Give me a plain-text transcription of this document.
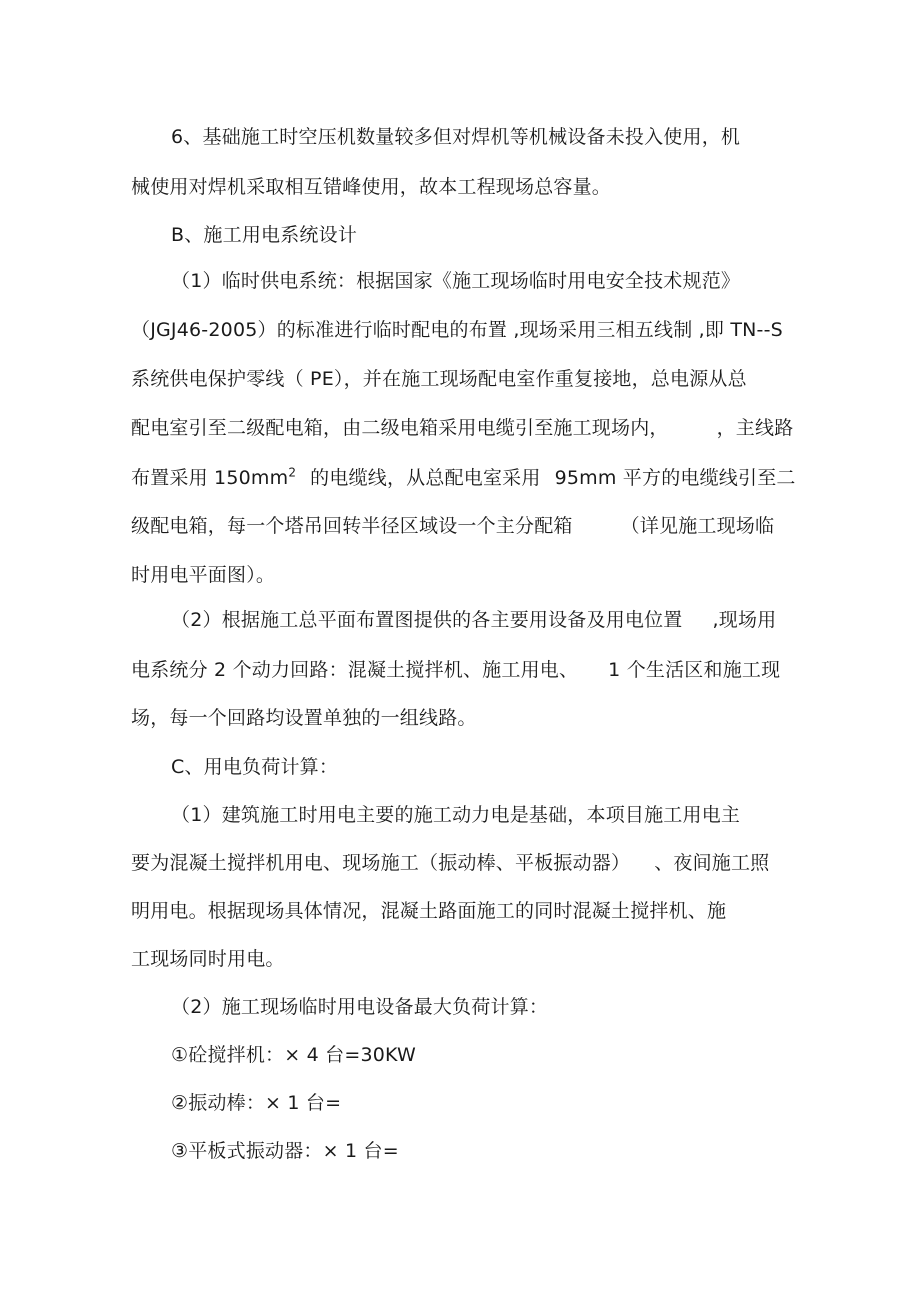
6、基础施工时空压机数量较多但对焊机等机械设备未投入使用，机
械使用对焊机采取相互错峰使用，故本工程现场总容量。
B、施工用电系统设计
（1）临时供电系统：根据国家《施工现场临时用电安全技术规范》
（JGJ46-2005）的标准进行临时配电的布置 ,现场采用三相五线制 ,即 TN--S
系统供电保护零线（ PE），并在施工现场配电室作重复接地，总电源从总
配电室引至二级配电箱，由二级电箱采用电缆引至施工现场内，	，主线路
布置采用 $150mm^2$ 的电缆线，从总配电室采用 95mm 平方的电缆线引至二
级配电箱，每一个塔吊回转半径区域设一个主分配箱	（详见施工现场临
时用电平面图）。
（2）根据施工总平面布置图提供的各主要用设备及用电位置 ,现场用
电系统分 2 个动力回路：混凝土搅拌机、施工用电、 1 个生活区和施工现
场，每一个回路均设置单独的一组线路。
C、用电负荷计算：
（1）建筑施工时用电主要的施工动力电是基础，本项目施工用电主
要为混凝土搅拌机用电、现场施工（振动棒、平板振动器） 、夜间施工照
明用电。根据现场具体情况，混凝土路面施工的同时混凝土搅拌机、施
工现场同时用电。
（2）施工现场临时用电设备最大负荷计算：
①砼搅拌机：× 4 台=30KW
②振动棒：× 1 台=
③平板式振动器：× 1 台=
